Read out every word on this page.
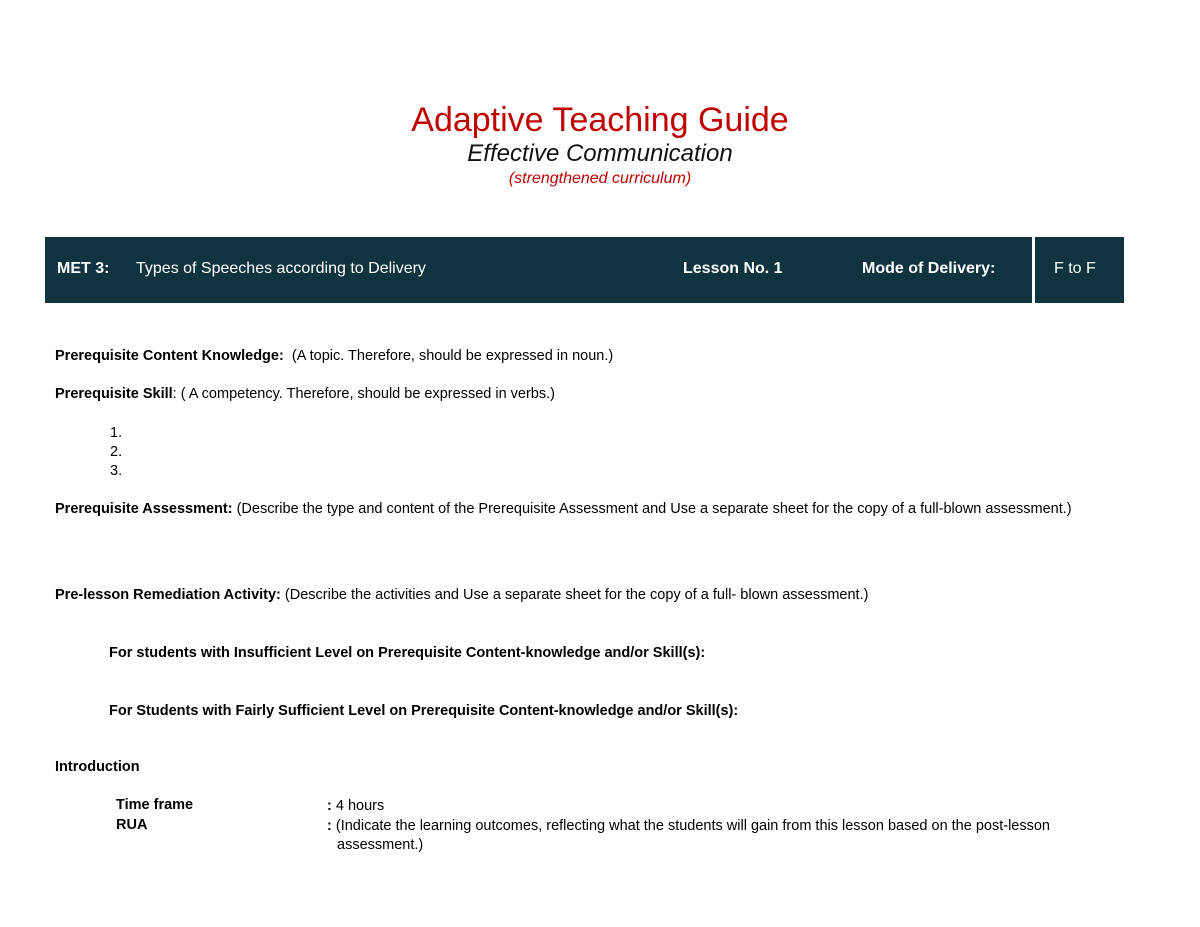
Adaptive Teaching Guide
Effective Communication
(strengthened curriculum)
MET 3: Types of Speeches according to Delivery	Lesson No. 1	Mode of Delivery:	F to F
Prerequisite Content Knowledge:  (A topic. Therefore, should be expressed in noun.)
Prerequisite Skill: ( A competency. Therefore, should be expressed in verbs.)
Prerequisite Assessment: (Describe the type and content of the Prerequisite Assessment and Use a separate sheet for the copy of a full-blown assessment.)
Pre-lesson Remediation Activity: (Describe the activities and Use a separate sheet for the copy of a full- blown assessment.)
For students with Insufficient Level on Prerequisite Content-knowledge and/or Skill(s):
For Students with Fairly Sufficient Level on Prerequisite Content-knowledge and/or Skill(s):
Introduction
1.
2.
3.
Time frame	: 4 hours
RUA	: (Indicate the learning outcomes, reflecting what the students will gain from this lesson based on the post-lesson assessment.)
